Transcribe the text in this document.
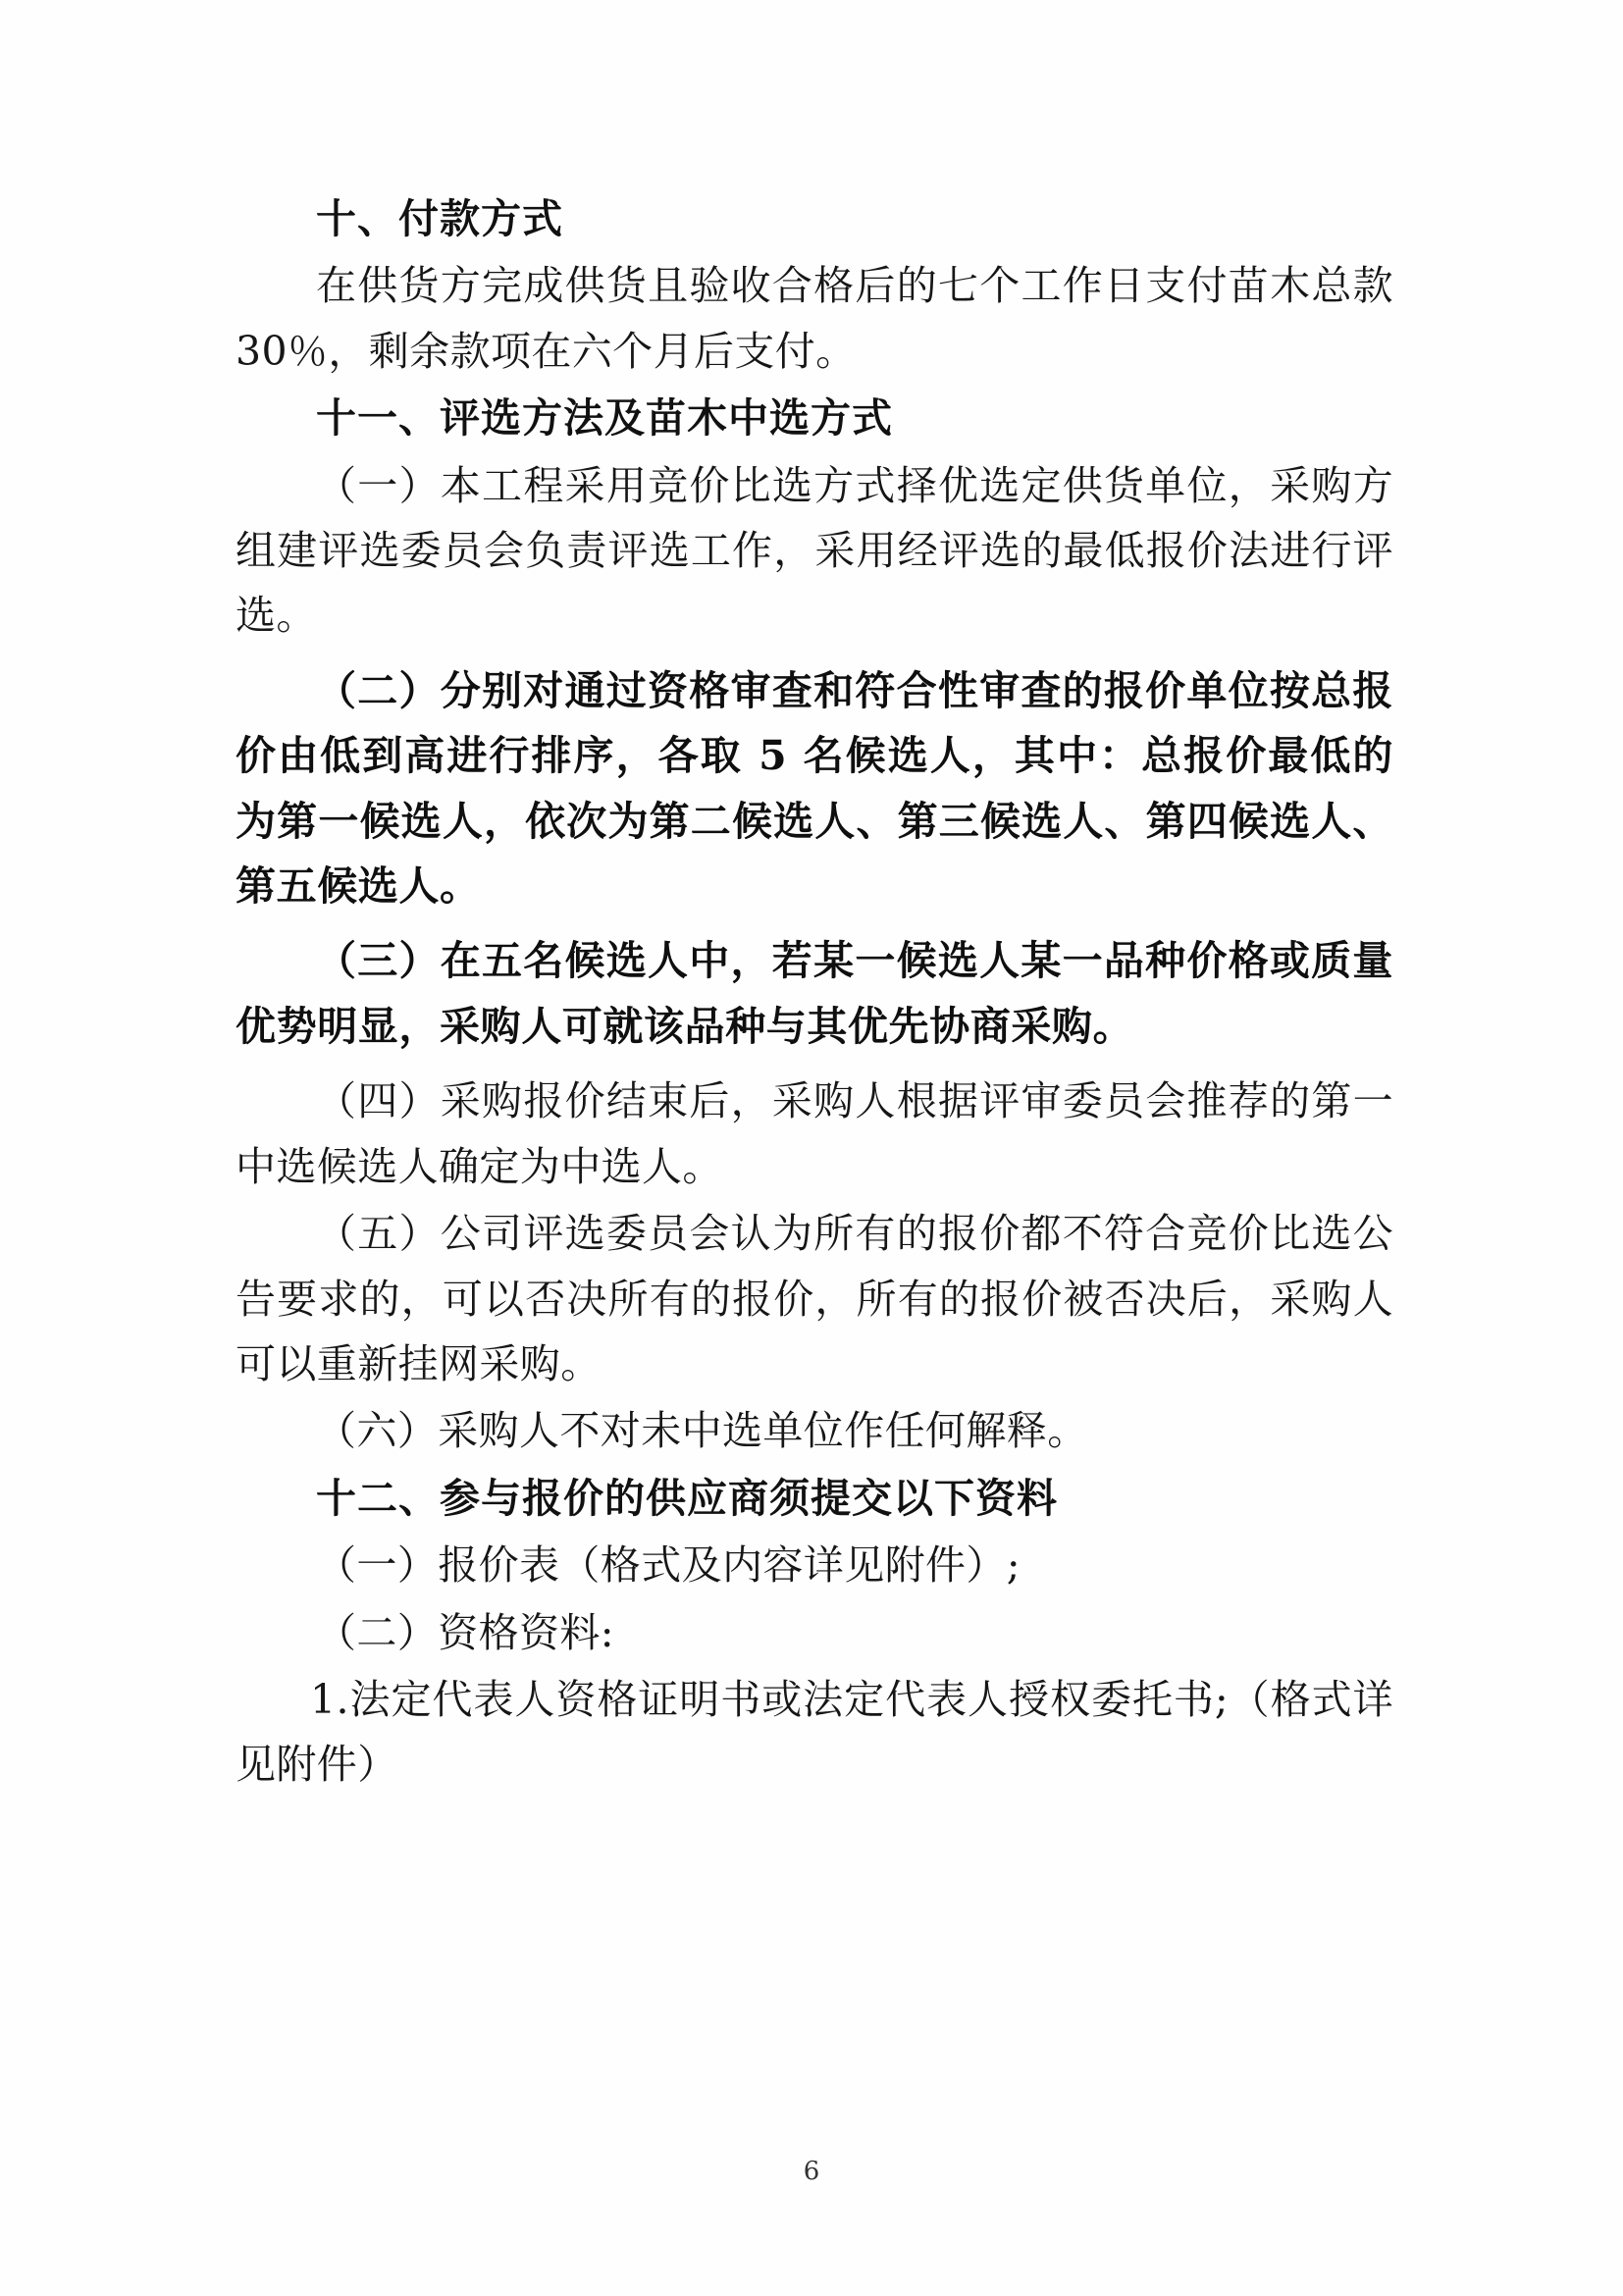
十、付款方式

在供货方完成供货且验收合格后的七个工作日支付苗木总款 30％，剩余款项在六个月后支付。

十一、评选方法及苗木中选方式

（一）本工程采用竞价比选方式择优选定供货单位，采购方组建评选委员会负责评选工作，采用经评选的最低报价法进行评选。

（二）分别对通过资格审查和符合性审查的报价单位按总报价由低到高进行排序，各取 5 名候选人，其中：总报价最低的为第一候选人，依次为第二候选人、第三候选人、第四候选人、第五候选人。

（三）在五名候选人中，若某一候选人某一品种价格或质量优势明显，采购人可就该品种与其优先协商采购。

（四）采购报价结束后，采购人根据评审委员会推荐的第一中选候选人确定为中选人。

（五）公司评选委员会认为所有的报价都不符合竞价比选公告要求的，可以否决所有的报价，所有的报价被否决后，采购人可以重新挂网采购。

（六）采购人不对未中选单位作任何解释。

十二、参与报价的供应商须提交以下资料

（一）报价表（格式及内容详见附件）;

（二）资格资料:

1.法定代表人资格证明书或法定代表人授权委托书;（格式详见附件）

6
